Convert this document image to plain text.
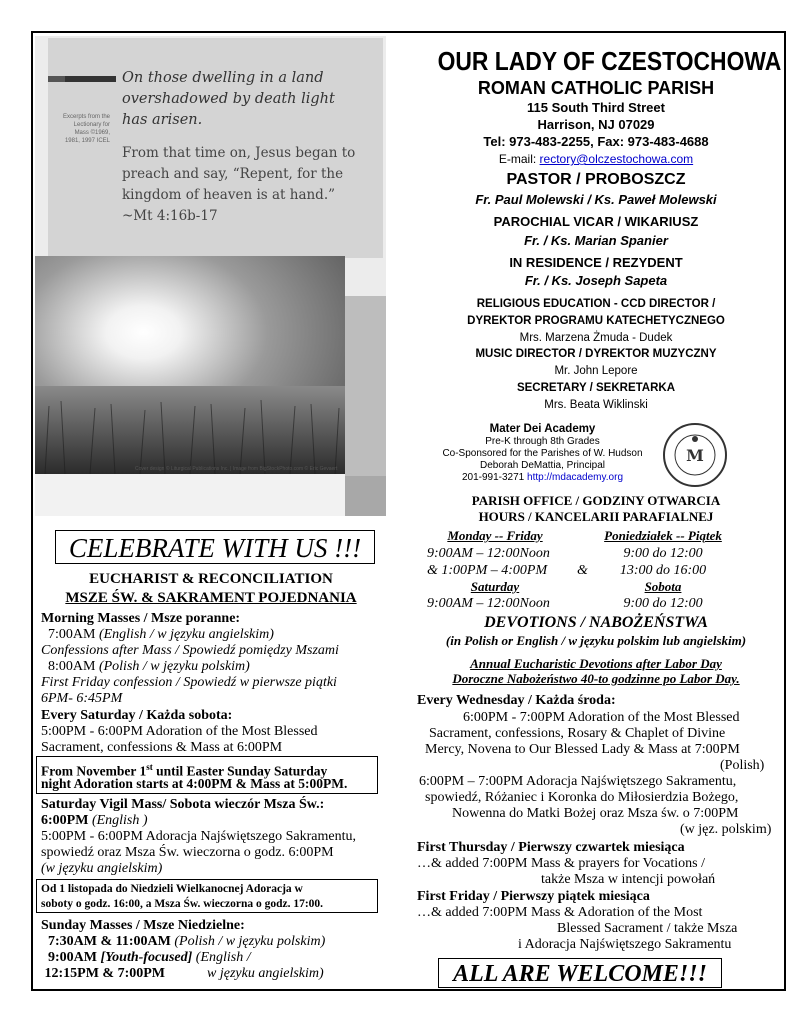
Excerpts from the Lectionary for Mass ©1969, 1981, 1997 ICEL
Cover design © Liturgical Publications Inc. | Image from BigStockPhoto.com © Eric Gevaert
On those dwelling in a land overshadowed by death light has arisen.
From that time on, Jesus began to preach and say, “Repent, for the kingdom of heaven is at hand.” ~Mt 4:16b-17
OUR LADY OF CZESTOCHOWA
ROMAN CATHOLIC PARISH
115 South Third Street
Harrison, NJ 07029
Tel: 973-483-2255, Fax: 973-483-4688
E-mail: rectory@olczestochowa.com
PASTOR / PROBOSZCZ
Fr. Paul Molewski / Ks. Paweł Molewski
PAROCHIAL VICAR / WIKARIUSZ
Fr. / Ks. Marian Spanier
IN RESIDENCE / REZYDENT
Fr. / Ks. Joseph Sapeta
RELIGIOUS EDUCATION - CCD DIRECTOR /
DYREKTOR PROGRAMU KATECHETYCZNEGO
Mrs. Marzena Żmuda - Dudek
MUSIC DIRECTOR / DYREKTOR MUZYCZNY
Mr. John Lepore
SECRETARY / SEKRETARKA
Mrs. Beata Wiklinski
Mater Dei Academy
Pre-K through 8th Grades
Co-Sponsored for the Parishes of W. Hudson
Deborah DeMattia, Principal
201-991-3271 http://mdacademy.org
M
PARISH OFFICE / GODZINY OTWARCIA
HOURS / KANCELARII PARAFIALNEJ
Monday -- Friday	Poniedziałek -- Piątek
9:00AM – 12:00Noon	9:00 do 12:00
& 1:00PM – 4:00PM	&	13:00 do 16:00
Saturday	Sobota
9:00AM – 12:00Noon	9:00 do 12:00
DEVOTIONS / NABOŻEŃSTWA
(in Polish or English / w języku polskim lub angielskim)
Annual Eucharistic Devotions after Labor Day
Doroczne Nabożeństwo 40-to godzinne po Labor Day.
Every Wednesday / Każda środa:
6:00PM - 7:00PM Adoration of the Most Blessed
Sacrament, confessions, Rosary & Chaplet of Divine
Mercy, Novena to Our Blessed Lady & Mass at 7:00PM
(Polish)
6:00PM – 7:00PM Adoracja Najświętszego Sakramentu,
spowiedź, Różaniec i Koronka do Miłosierdzia Bożego,
Nowenna do Matki Bożej oraz Msza św. o 7:00PM
(w jęz. polskim)
First Thursday / Pierwszy czwartek miesiąca
…& added 7:00PM Mass & prayers for Vocations /
także Msza w intencji powołań
First Friday / Pierwszy piątek miesiąca
…& added 7:00PM Mass & Adoration of the Most
Blessed Sacrament / także Msza
i Adoracja Najświętszego Sakramentu
ALL ARE WELCOME!!!
CELEBRATE WITH US !!!
EUCHARIST & RECONCILIATION
MSZE ŚW. & SAKRAMENT POJEDNANIA
Morning Masses / Msze poranne:
7:00AM (English / w języku angielskim)
Confessions after Mass / Spowiedź pomiędzy Mszami
8:00AM (Polish / w języku polskim)
First Friday confession / Spowiedź w pierwsze piątki
6PM- 6:45PM
Every Saturday / Każda sobota:
5:00PM - 6:00PM Adoration of the Most Blessed
Sacrament, confessions & Mass at 6:00PM
From November 1st until Easter Sunday Saturday
night Adoration starts at 4:00PM & Mass at 5:00PM.
Saturday Vigil Mass/ Sobota wieczór Msza Św.:
6:00PM (English )
5:00PM - 6:00PM Adoracja Najświętszego Sakramentu,
spowiedź oraz Msza Św. wieczorna o godz. 6:00PM
(w języku angielskim)
Od 1 listopada do Niedzieli Wielkanocnej Adoracja w
soboty o godz. 16:00, a Msza Św. wieczorna o godz. 17:00.
Sunday Masses / Msze Niedzielne:
7:30AM & 11:00AM (Polish / w języku polskim)
9:00AM [Youth-focused] (English /
12:15PM & 7:00PM	w języku angielskim)
